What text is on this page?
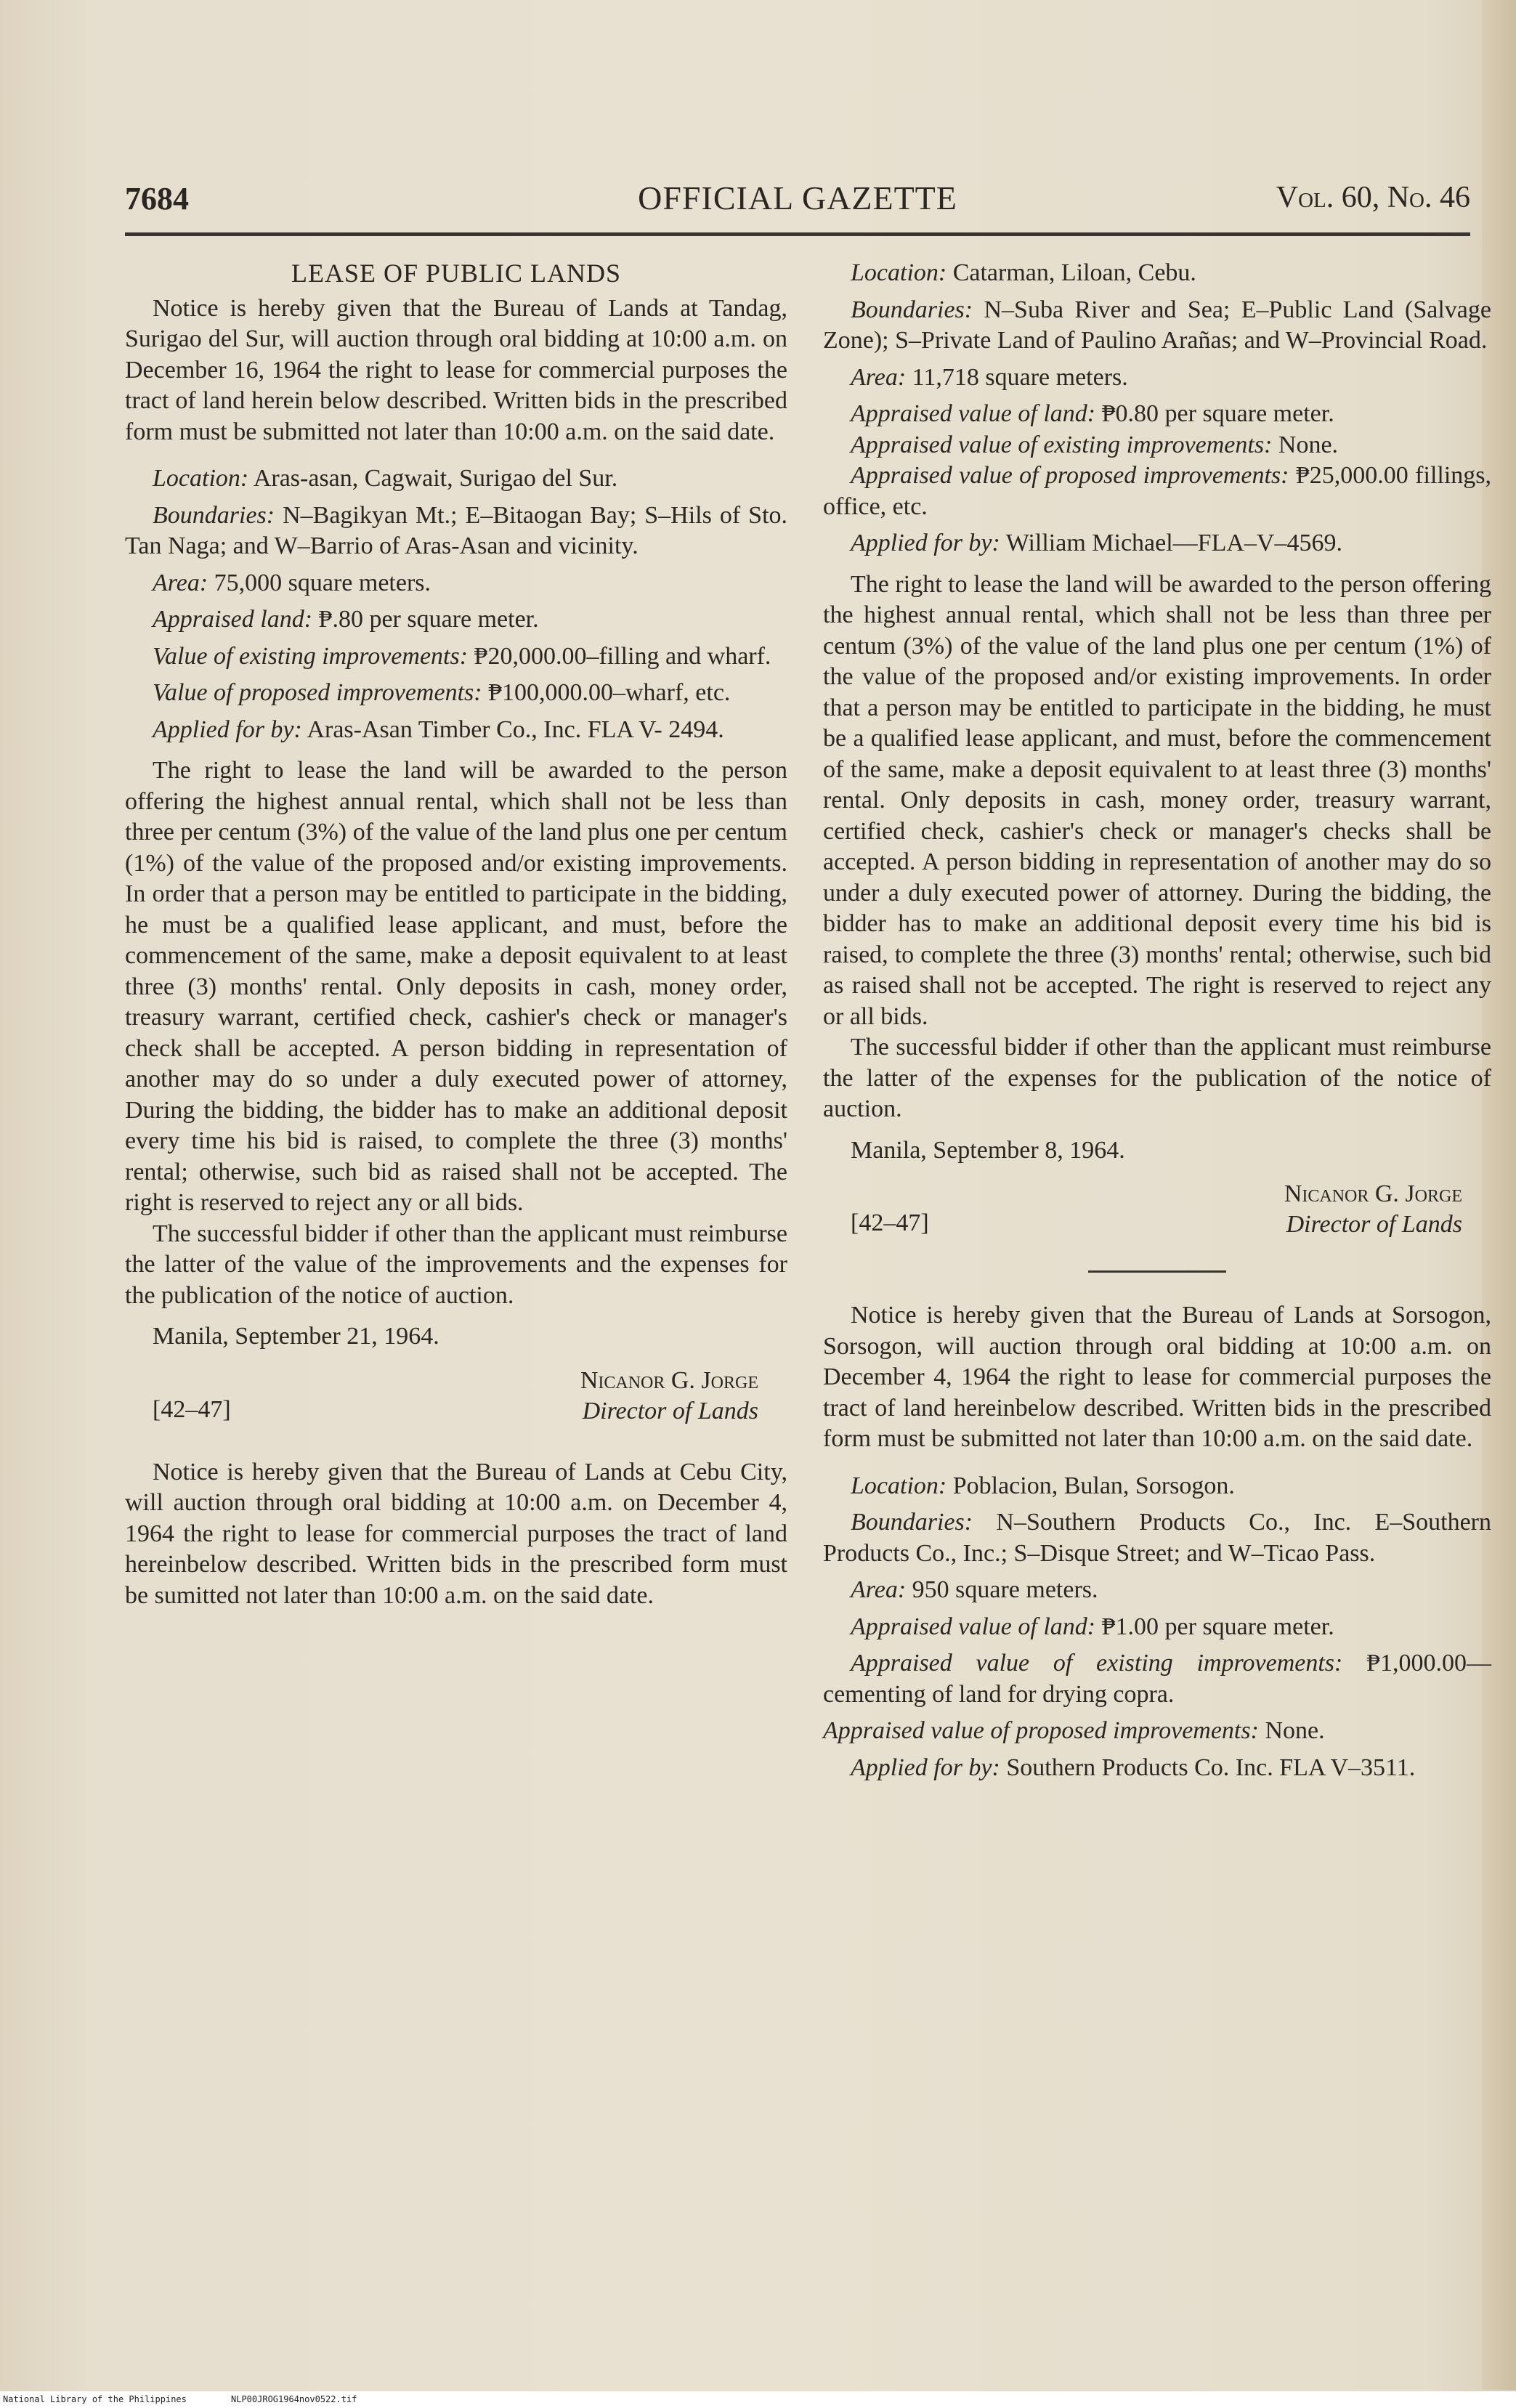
7684	OFFICIAL GAZETTE	Vol. 60, No. 46

LEASE OF PUBLIC LANDS

Notice is hereby given that the Bureau of Lands at Tandag, Surigao del Sur, will auction through oral bidding at 10:00 a.m. on December 16, 1964 the right to lease for commercial purposes the tract of land herein below described. Written bids in the prescribed form must be submitted not later than 10:00 a.m. on the said date.

Location: Aras-asan, Cagwait, Surigao del Sur.

Boundaries: N–Bagikyan Mt.; E–Bitaogan Bay; S–Hils of Sto. Tan Naga; and W–Barrio of Aras-Asan and vicinity.

Area: 75,000 square meters.

Appraised land: ₱.80 per square meter.

Value of existing improvements: ₱20,000.00–filling and wharf.

Value of proposed improvements: ₱100,000.00–wharf, etc.

Applied for by: Aras-Asan Timber Co., Inc. FLA V- 2494.

The right to lease the land will be awarded to the person offering the highest annual rental, which shall not be less than three per centum (3%) of the value of the land plus one per centum (1%) of the value of the proposed and/or existing improvements. In order that a person may be entitled to participate in the bidding, he must be a qualified lease applicant, and must, before the commencement of the same, make a deposit equivalent to at least three (3) months' rental. Only deposits in cash, money order, treasury warrant, certified check, cashier's check or manager's check shall be accepted. A person bidding in representation of another may do so under a duly executed power of attorney, During the bidding, the bidder has to make an additional deposit every time his bid is raised, to complete the three (3) months' rental; otherwise, such bid as raised shall not be accepted. The right is reserved to reject any or all bids.

The successful bidder if other than the applicant must reimburse the latter of the value of the improvements and the expenses for the publication of the notice of auction.

Manila, September 21, 1964.

[42–47]
Nicanor G. Jorge
Director of Lands

Notice is hereby given that the Bureau of Lands at Cebu City, will auction through oral bidding at 10:00 a.m. on December 4, 1964 the right to lease for commercial purposes the tract of land hereinbelow described. Written bids in the prescribed form must be sumitted not later than 10:00 a.m. on the said date.

Location: Catarman, Liloan, Cebu.

Boundaries: N–Suba River and Sea; E–Public Land (Salvage Zone); S–Private Land of Paulino Arañas; and W–Provincial Road.

Area: 11,718 square meters.

Appraised value of land: ₱0.80 per square meter.

Appraised value of existing improvements: None.

Appraised value of proposed improvements: ₱25,000.00 fillings, office, etc.

Applied for by: William Michael—FLA–V–4569.

The right to lease the land will be awarded to the person offering the highest annual rental, which shall not be less than three per centum (3%) of the value of the land plus one per centum (1%) of the value of the proposed and/or existing improvements. In order that a person may be entitled to participate in the bidding, he must be a qualified lease applicant, and must, before the commencement of the same, make a deposit equivalent to at least three (3) months' rental. Only deposits in cash, money order, treasury warrant, certified check, cashier's check or manager's checks shall be accepted. A person bidding in representation of another may do so under a duly executed power of attorney. During the bidding, the bidder has to make an additional deposit every time his bid is raised, to complete the three (3) months' rental; otherwise, such bid as raised shall not be accepted. The right is reserved to reject any or all bids.

The successful bidder if other than the applicant must reimburse the latter of the expenses for the publication of the notice of auction.

Manila, September 8, 1964.

[42–47]
Nicanor G. Jorge
Director of Lands

Notice is hereby given that the Bureau of Lands at Sorsogon, Sorsogon, will auction through oral bidding at 10:00 a.m. on December 4, 1964 the right to lease for commercial purposes the tract of land hereinbelow described. Written bids in the prescribed form must be submitted not later than 10:00 a.m. on the said date.

Location: Poblacion, Bulan, Sorsogon.

Boundaries: N–Southern Products Co., Inc. E–Southern Products Co., Inc.; S–Disque Street; and W–Ticao Pass.

Area: 950 square meters.

Appraised value of land: ₱1.00 per square meter.

Appraised value of existing improvements: ₱1,000.00—cementing of land for drying copra.

Appraised value of proposed improvements: None.

Applied for by: Southern Products Co. Inc. FLA V–3511.

National Library of the Philippines	NLP00JROG1964nov0522.tif
